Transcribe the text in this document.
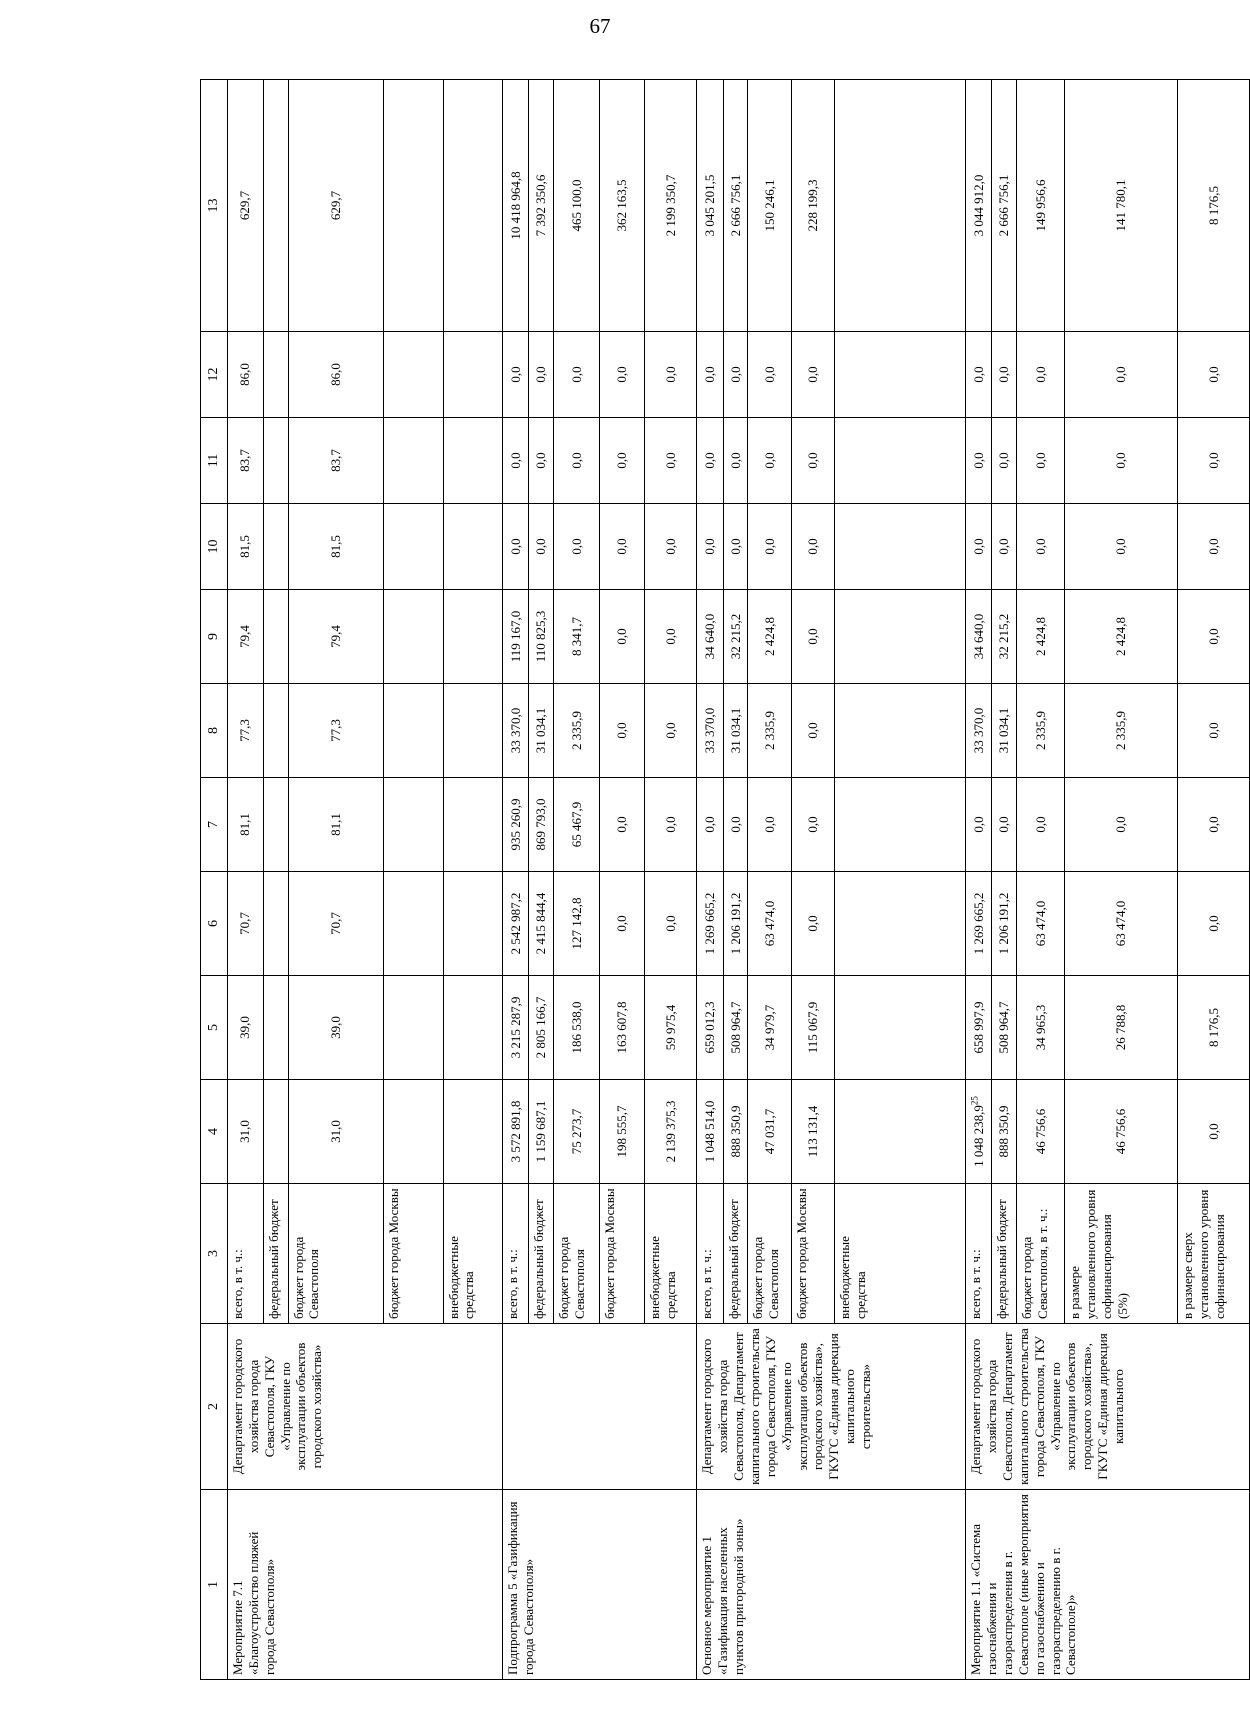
67
1	2	3	4	5	6	7	8	9	10	11	12	13
Мероприятие 7.1 «Благоустройство пляжей города Севастополя»	Департамент городского хозяйства города Севастополя, ГКУ «Управление по эксплуатации объектов городского хозяйства»	всего, в т. ч.:	31,0	39,0	70,7	81,1	77,3	79,4	81,5	83,7	86,0	629,7
		федеральный бюджет										
		бюджет города Севастополя	31,0	39,0	70,7	81,1	77,3	79,4	81,5	83,7	86,0	629,7
		бюджет города Москвы										
		внебюджетные средства										
Подпрограмма 5 «Газификация города Севастополя»		всего, в т. ч.:	3 572 891,8	3 215 287,9	2 542 987,2	935 260,9	33 370,0	119 167,0	0,0	0,0	0,0	10 418 964,8
		федеральный бюджет	1 159 687,1	2 805 166,7	2 415 844,4	869 793,0	31 034,1	110 825,3	0,0	0,0	0,0	7 392 350,6
		бюджет города Севастополя	75 273,7	186 538,0	127 142,8	65 467,9	2 335,9	8 341,7	0,0	0,0	0,0	465 100,0
		бюджет города Москвы	198 555,7	163 607,8	0,0	0,0	0,0	0,0	0,0	0,0	0,0	362 163,5
		внебюджетные средства	2 139 375,3	59 975,4	0,0	0,0	0,0	0,0	0,0	0,0	0,0	2 199 350,7
Основное мероприятие 1 «Газификация населенных пунктов пригородной зоны»	Департамент городского хозяйства города Севастополя, Департамент капитального строительства города Севастополя, ГКУ «Управление по эксплуатации объектов городского хозяйства», ГКУГС «Единая дирекция капитального строительства»	всего, в т. ч.:	1 048 514,0	659 012,3	1 269 665,2	0,0	33 370,0	34 640,0	0,0	0,0	0,0	3 045 201,5
		федеральный бюджет	888 350,9	508 964,7	1 206 191,2	0,0	31 034,1	32 215,2	0,0	0,0	0,0	2 666 756,1
		бюджет города Севастополя	47 031,7	34 979,7	63 474,0	0,0	2 335,9	2 424,8	0,0	0,0	0,0	150 246,1
		бюджет города Москвы	113 131,4	115 067,9	0,0	0,0	0,0	0,0	0,0	0,0	0,0	228 199,3
		внебюджетные средства										
Мероприятие 1.1 «Система газоснабжения и газораспределения в г. Севастополе (иные мероприятия по газоснабжению и газораспределению в г. Севастополе)»	Департамент городского хозяйства города Севастополя, Департамент капитального строительства города Севастополя, ГКУ «Управление по эксплуатации объектов городского хозяйства», ГКУГС «Единая дирекция капитального	всего, в т. ч.:	1 048 238,9$^{25}$	658 997,9	1 269 665,2	0,0	33 370,0	34 640,0	0,0	0,0	0,0	3 044 912,0
		федеральный бюджет	888 350,9	508 964,7	1 206 191,2	0,0	31 034,1	32 215,2	0,0	0,0	0,0	2 666 756,1
		бюджет города Севастополя, в т. ч.:	46 756,6	34 965,3	63 474,0	0,0	2 335,9	2 424,8	0,0	0,0	0,0	149 956,6
		в размере установленного уровня софинансирования (5%)	46 756,6	26 788,8	63 474,0	0,0	2 335,9	2 424,8	0,0	0,0	0,0	141 780,1
		в размере сверх установленного уровня софинансирования	0,0	8 176,5	0,0	0,0	0,0	0,0	0,0	0,0	0,0	8 176,5
